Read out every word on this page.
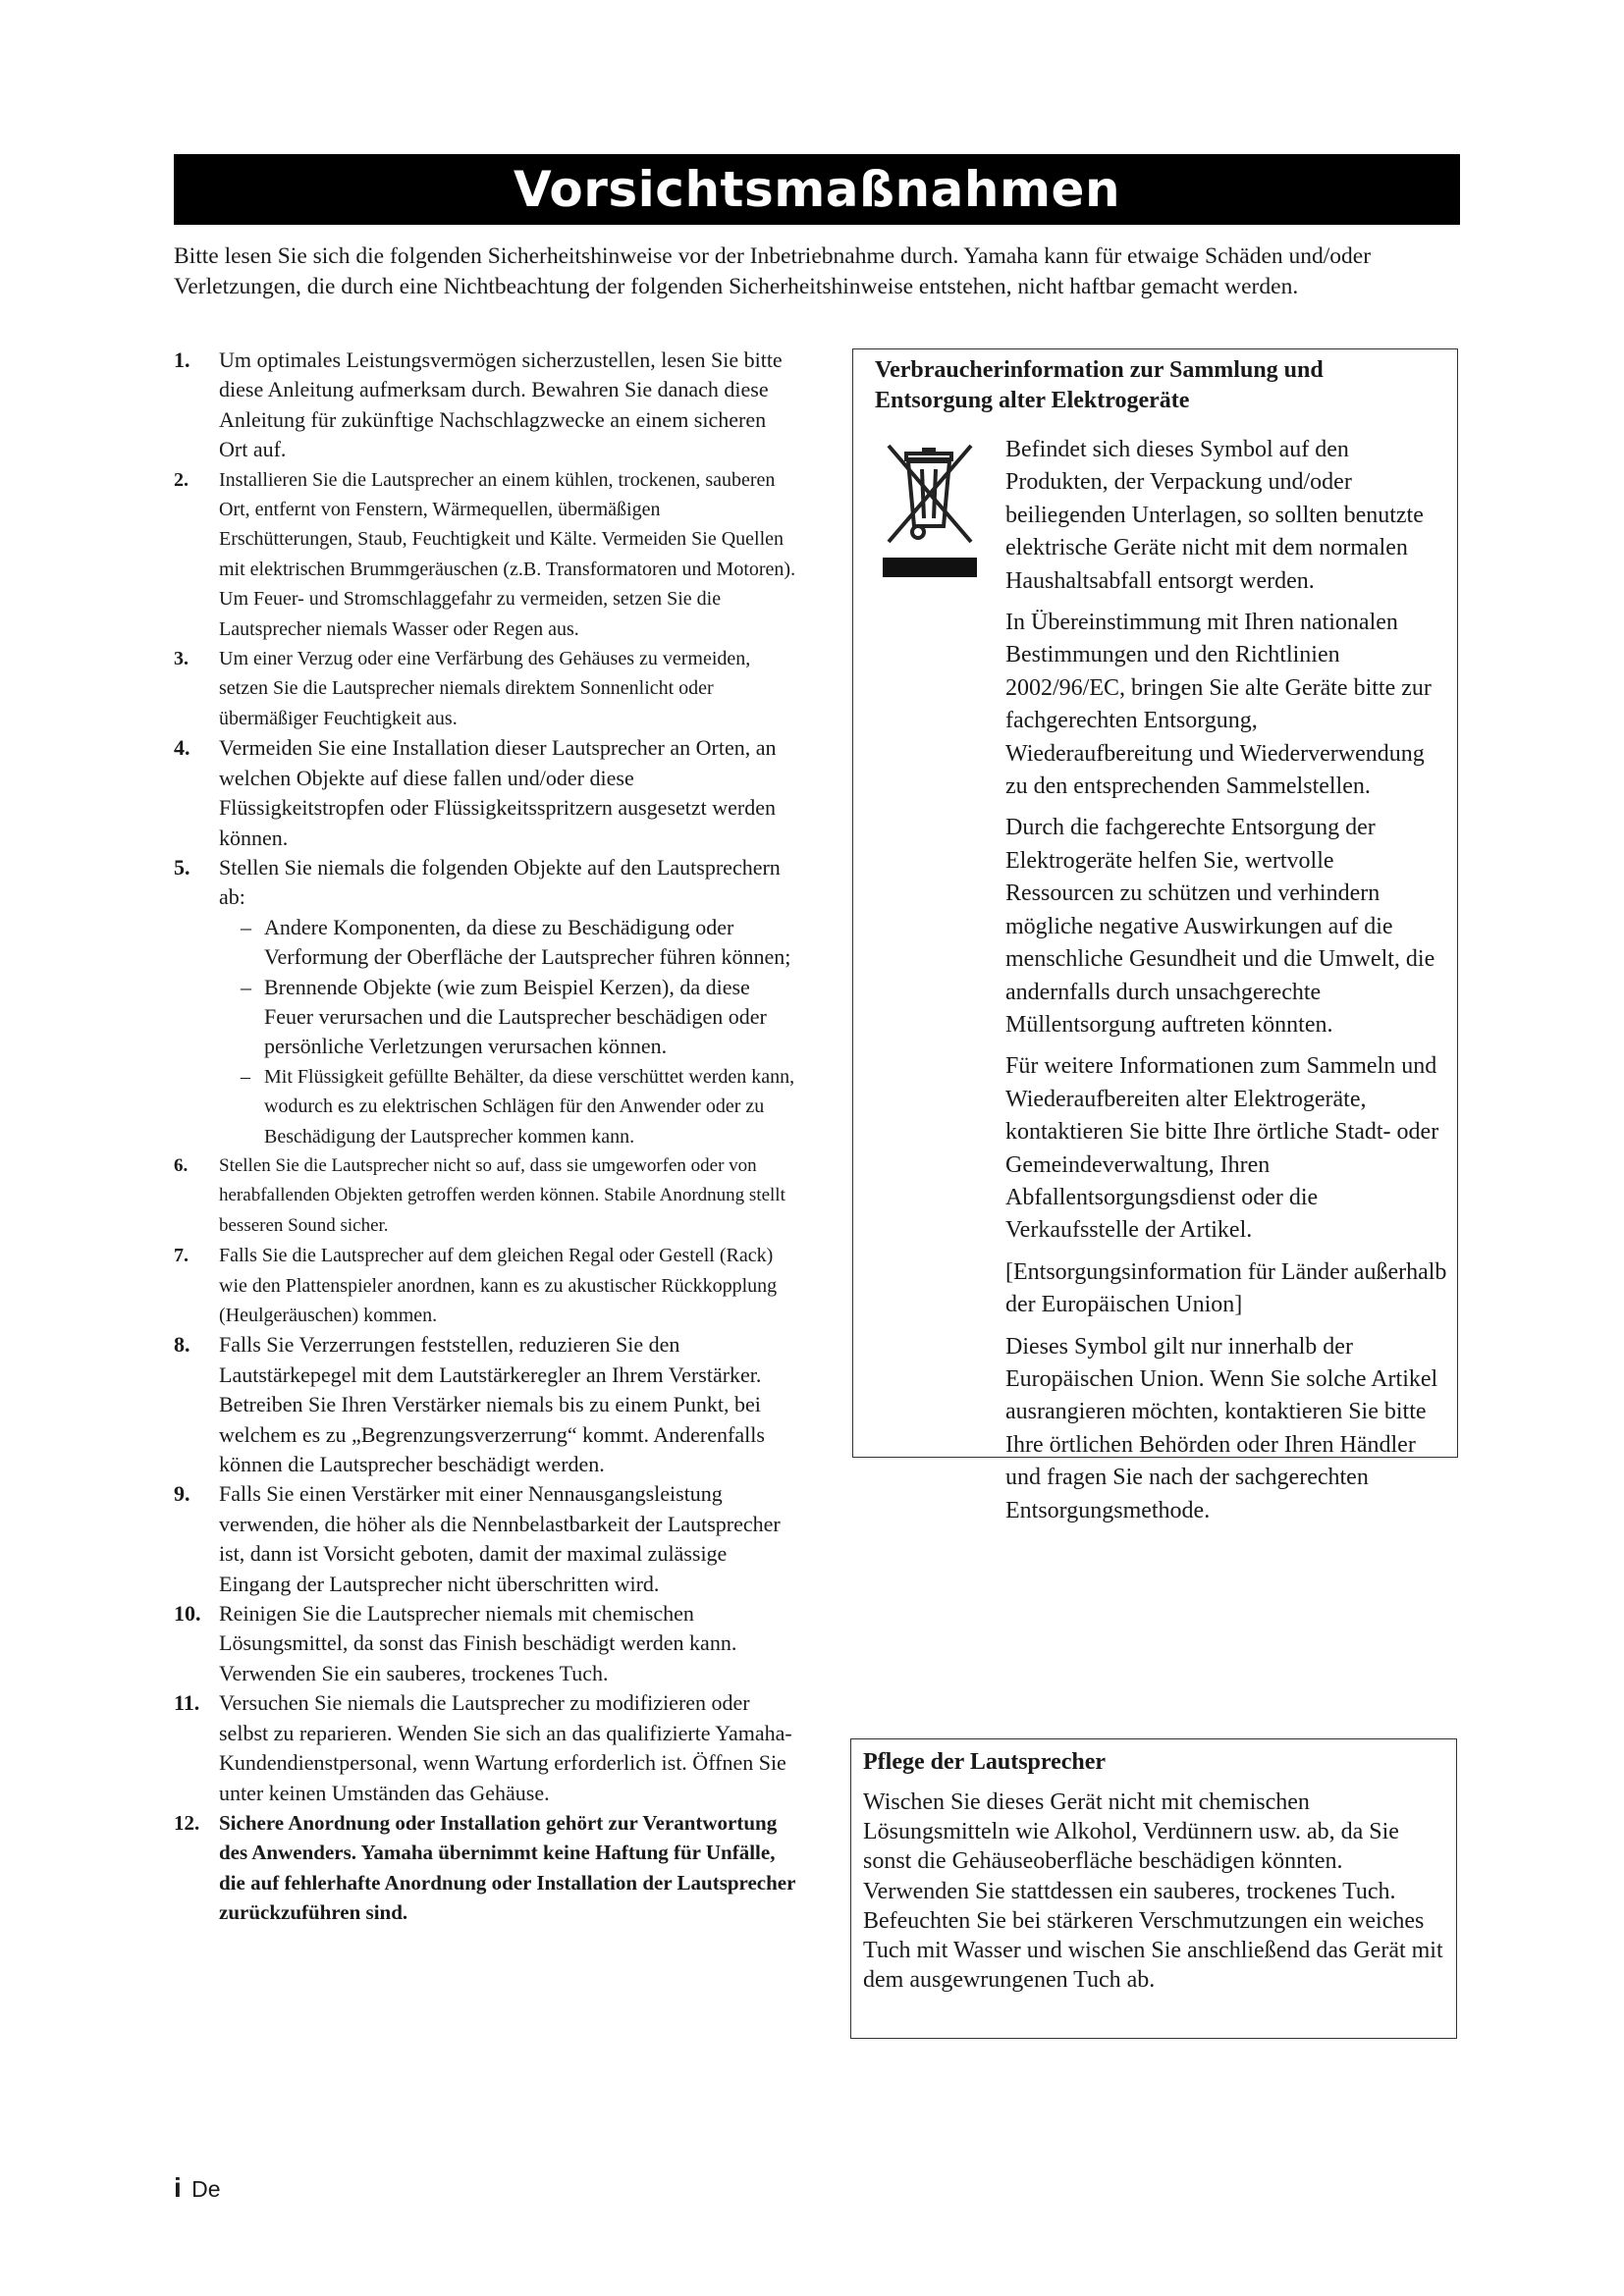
Vorsichtsmaßnahmen
Bitte lesen Sie sich die folgenden Sicherheitshinweise vor der Inbetriebnahme durch. Yamaha kann für etwaige Schäden und/oder Verletzungen, die durch eine Nichtbeachtung der folgenden Sicherheitshinweise entstehen, nicht haftbar gemacht werden.
1. Um optimales Leistungsvermögen sicherzustellen, lesen Sie bitte diese Anleitung aufmerksam durch. Bewahren Sie danach diese Anleitung für zukünftige Nachschlagzwecke an einem sicheren Ort auf.
2. Installieren Sie die Lautsprecher an einem kühlen, trockenen, sauberen Ort, entfernt von Fenstern, Wärmequellen, übermäßigen Erschütterungen, Staub, Feuchtigkeit und Kälte. Vermeiden Sie Quellen mit elektrischen Brummgeräuschen (z.B. Transformatoren und Motoren). Um Feuer- und Stromschlaggefahr zu vermeiden, setzen Sie die Lautsprecher niemals Wasser oder Regen aus.
3. Um einer Verzug oder eine Verfärbung des Gehäuses zu vermeiden, setzen Sie die Lautsprecher niemals direktem Sonnenlicht oder übermäßiger Feuchtigkeit aus.
4. Vermeiden Sie eine Installation dieser Lautsprecher an Orten, an welchen Objekte auf diese fallen und/oder diese Flüssigkeitstropfen oder Flüssigkeitsspritzern ausgesetzt werden können.
5. Stellen Sie niemals die folgenden Objekte auf den Lautsprechern ab:
– Andere Komponenten, da diese zu Beschädigung oder Verformung der Oberfläche der Lautsprecher führen können;
– Brennende Objekte (wie zum Beispiel Kerzen), da diese Feuer verursachen und die Lautsprecher beschädigen oder persönliche Verletzungen verursachen können.
– Mit Flüssigkeit gefüllte Behälter, da diese verschüttet werden kann, wodurch es zu elektrischen Schlägen für den Anwender oder zu Beschädigung der Lautsprecher kommen kann.
6. Stellen Sie die Lautsprecher nicht so auf, dass sie umgeworfen oder von herabfallenden Objekten getroffen werden können. Stabile Anordnung stellt besseren Sound sicher.
7. Falls Sie die Lautsprecher auf dem gleichen Regal oder Gestell (Rack) wie den Plattenspieler anordnen, kann es zu akustischer Rückkopplung (Heulgeräuschen) kommen.
8. Falls Sie Verzerrungen feststellen, reduzieren Sie den Lautstärkepegel mit dem Lautstärkeregler an Ihrem Verstärker. Betreiben Sie Ihren Verstärker niemals bis zu einem Punkt, bei welchem es zu „Begrenzungsverzerrung“ kommt. Anderenfalls können die Lautsprecher beschädigt werden.
9. Falls Sie einen Verstärker mit einer Nennausgangsleistung verwenden, die höher als die Nennbelastbarkeit der Lautsprecher ist, dann ist Vorsicht geboten, damit der maximal zulässige Eingang der Lautsprecher nicht überschritten wird.
10. Reinigen Sie die Lautsprecher niemals mit chemischen Lösungsmittel, da sonst das Finish beschädigt werden kann. Verwenden Sie ein sauberes, trockenes Tuch.
11. Versuchen Sie niemals die Lautsprecher zu modifizieren oder selbst zu reparieren. Wenden Sie sich an das qualifizierte Yamaha-Kundendienstpersonal, wenn Wartung erforderlich ist. Öffnen Sie unter keinen Umständen das Gehäuse.
12. Sichere Anordnung oder Installation gehört zur Verantwortung des Anwenders. Yamaha übernimmt keine Haftung für Unfälle, die auf fehlerhafte Anordnung oder Installation der Lautsprecher zurückzuführen sind.
Verbraucherinformation zur Sammlung und Entsorgung alter Elektrogeräte

Befindet sich dieses Symbol auf den Produkten, der Verpackung und/oder beiliegenden Unterlagen, so sollten benutzte elektrische Geräte nicht mit dem normalen Haushaltsabfall entsorgt werden.

In Übereinstimmung mit Ihren nationalen Bestimmungen und den Richtlinien 2002/96/EC, bringen Sie alte Geräte bitte zur fachgerechten Entsorgung, Wiederaufbereitung und Wiederverwendung zu den entsprechenden Sammelstellen.

Durch die fachgerechte Entsorgung der Elektrogeräte helfen Sie, wertvolle Ressourcen zu schützen und verhindern mögliche negative Auswirkungen auf die menschliche Gesundheit und die Umwelt, die andernfalls durch unsachgerechte Müllentsorgung auftreten könnten.

Für weitere Informationen zum Sammeln und Wiederaufbereiten alter Elektrogeräte, kontaktieren Sie bitte Ihre örtliche Stadt- oder Gemeindeverwaltung, Ihren Abfallentsorgungsdienst oder die Verkaufsstelle der Artikel.

[Entsorgungsinformation für Länder außerhalb der Europäischen Union]

Dieses Symbol gilt nur innerhalb der Europäischen Union. Wenn Sie solche Artikel ausrangieren möchten, kontaktieren Sie bitte Ihre örtlichen Behörden oder Ihren Händler und fragen Sie nach der sachgerechten Entsorgungsmethode.

Pflege der Lautsprecher
Wischen Sie dieses Gerät nicht mit chemischen Lösungsmitteln wie Alkohol, Verdünnern usw. ab, da Sie sonst die Gehäuseoberfläche beschädigen könnten. Verwenden Sie stattdessen ein sauberes, trockenes Tuch. Befeuchten Sie bei stärkeren Verschmutzungen ein weiches Tuch mit Wasser und wischen Sie anschließend das Gerät mit dem ausgewrungenen Tuch ab.
i De
